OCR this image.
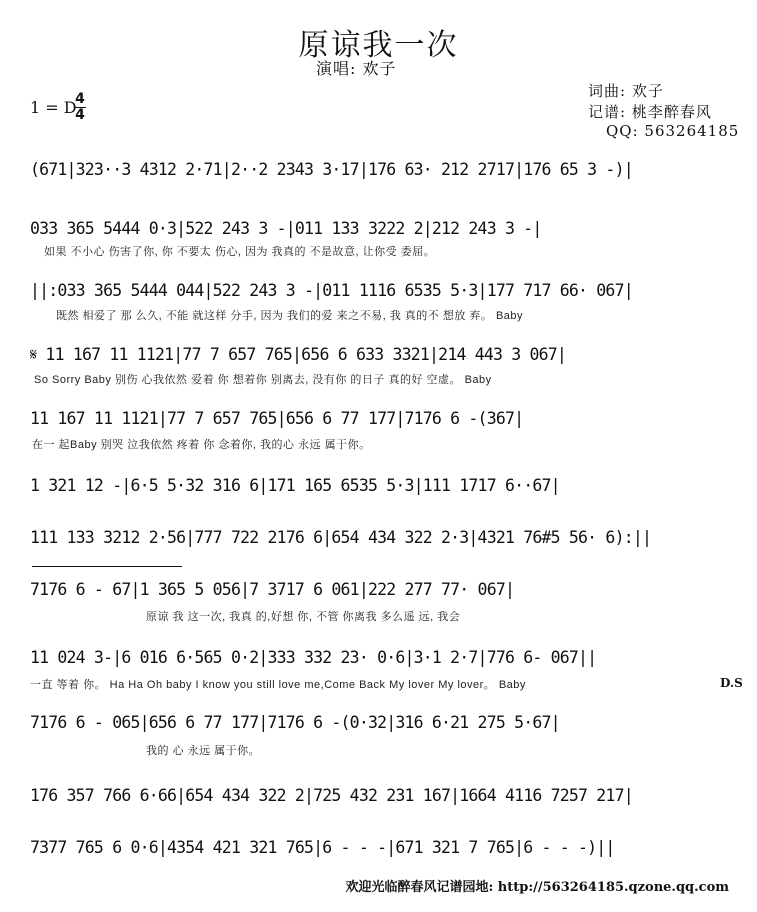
原谅我一次
演唱: 欢子
词曲: 欢子
记谱: 桃李醉春风
QQ: 563264185
1 = D
4
4
(671|323··3 4312 2·71|2··2 2343 3·17|176 63· 212 2717|176 65 3 -)|
033 365 5444 0·3|522 243 3 -|011 133 3222 2|212 243 3 -|
如果 不小心 伤害了你, 你 不要太 伤心, 因为 我真的 不是故意, 让你受 委屈。
||:033 365 5444 044|522 243 3 -|011 1116 6535 5·3|177 717 66· 067|
既然 相爱了 那 么久, 不能 就这样 分手, 因为 我们的爱 来之不易, 我 真的不 想放 弃。 Baby
𝄋 11 167 11 1121|77 7 657 765|656 6 633 3321|214 443 3 067|
So Sorry Baby 别伤 心我依然 爱着 你 想着你 别离去, 没有你 的日子 真的好 空虚。 Baby
11 167 11 1121|77 7 657 765|656 6 77 177|7176 6 -(367|
在一 起Baby 别哭 泣我依然 疼着 你 念着你, 我的心 永远 属于你。
1 321 12 -|6·5 5·32 316 6|171 165 6535 5·3|111 1717 6··67|
111 133 3212 2·56|777 722 2176 6|654 434 322 2·3|4321 76#5 56· 6):||
7176 6 - 67|1 365 5 056|7 3717 6 061|222 277 77· 067|
原谅 我 这一次, 我真 的,好想 你, 不管 你离我 多么遥 远, 我会
11 024 3-|6 016 6·565 0·2|333 332 23· 0·6|3·1 2·7|776 6- 067||
一直 等着 你。 Ha Ha Oh baby I know you still love me,Come Back My lover My lover。 Baby	D.S
7176 6 - 065|656 6 77 177|7176 6 -(0·32|316 6·21 275 5·67|
我的 心 永远 属于你。
176 357 766 6·66|654 434 322 2|725 432 231 167|1664 4116 7257 217|
7377 765 6 0·6|4354 421 321 765|6 - - -|671 321 7 765|6 - - -)||
欢迎光临醉春风记谱园地: http://563264185.qzone.qq.com
